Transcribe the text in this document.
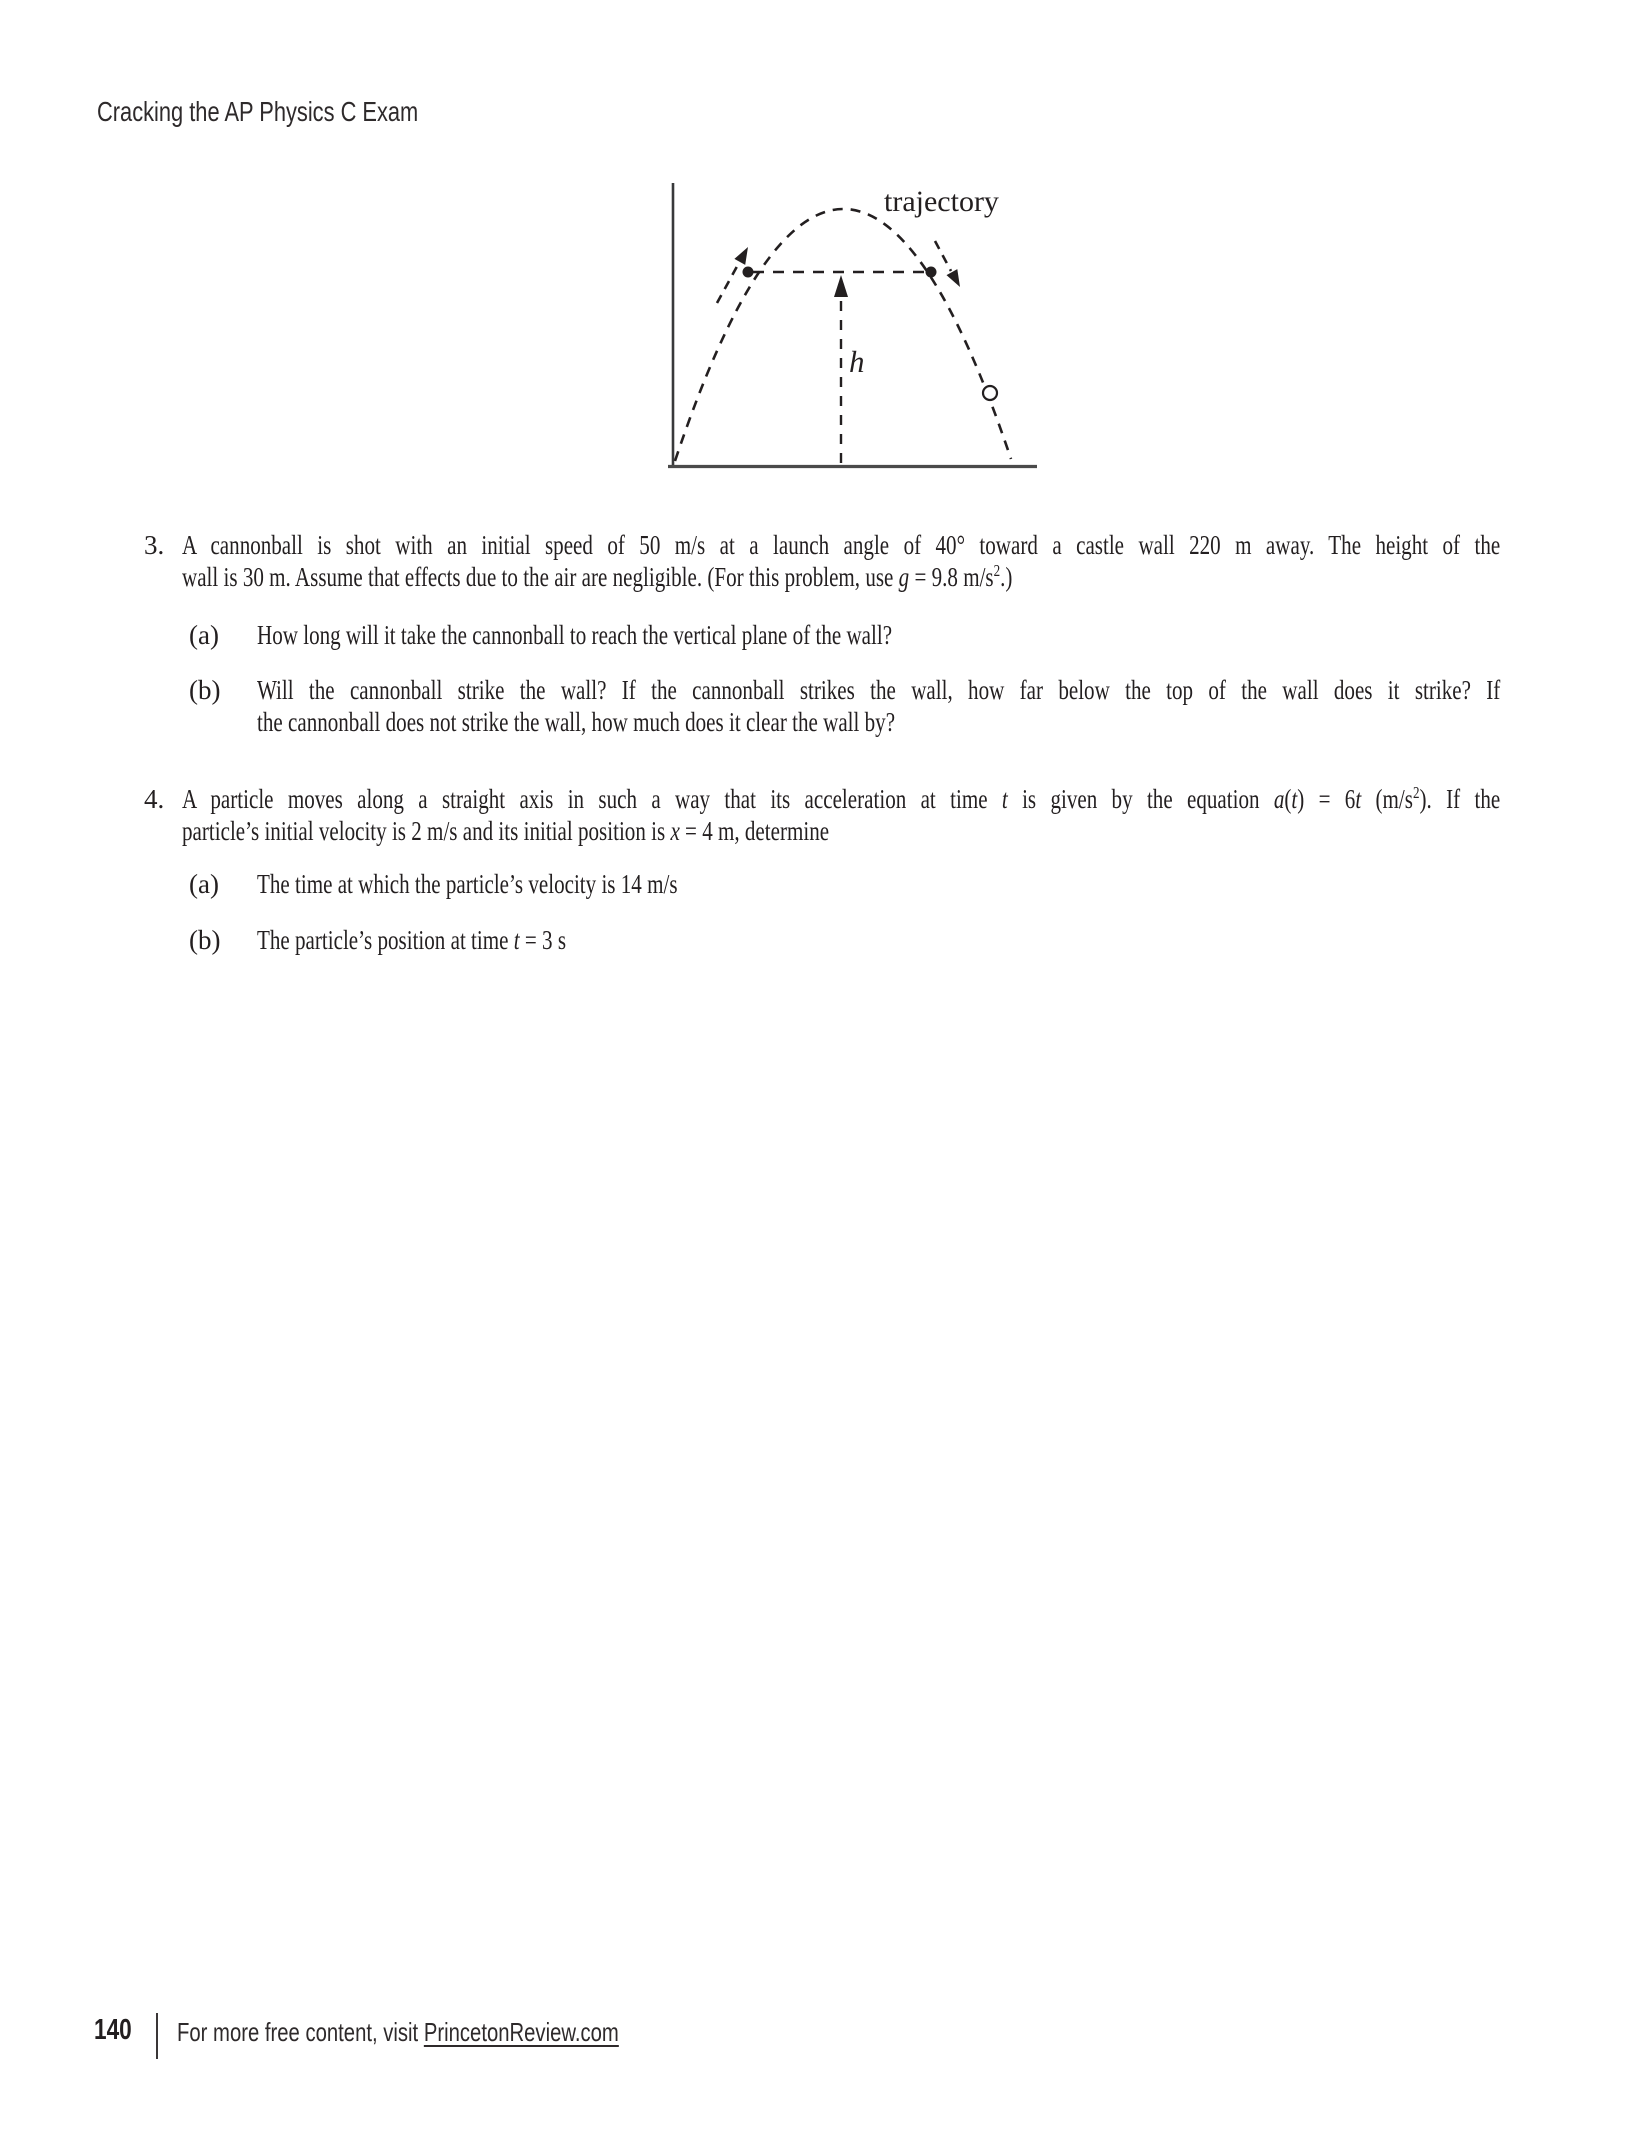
Cracking the AP Physics C Exam
trajectory
h
3. A cannonball is shot with an initial speed of 50 m/s at a launch angle of 40° toward a castle wall 220 m away. The height of the
wall is 30 m. Assume that effects due to the air are negligible. (For this problem, use g = 9.8 $m/s^2$.)
(a) How long will it take the cannonball to reach the vertical plane of the wall?
(b) Will the cannonball strike the wall? If the cannonball strikes the wall, how far below the top of the wall does it strike? If
the cannonball does not strike the wall, how much does it clear the wall by?
4. A particle moves along a straight axis in such a way that its acceleration at time t is given by the equation a(t) = 6t $(m/s^2)$. If the
particle’s initial velocity is 2 m/s and its initial position is x = 4 m, determine
(a) The time at which the particle’s velocity is 14 m/s
(b) The particle’s position at time t = 3 s
140 For more free content, visit PrincetonReview.com
